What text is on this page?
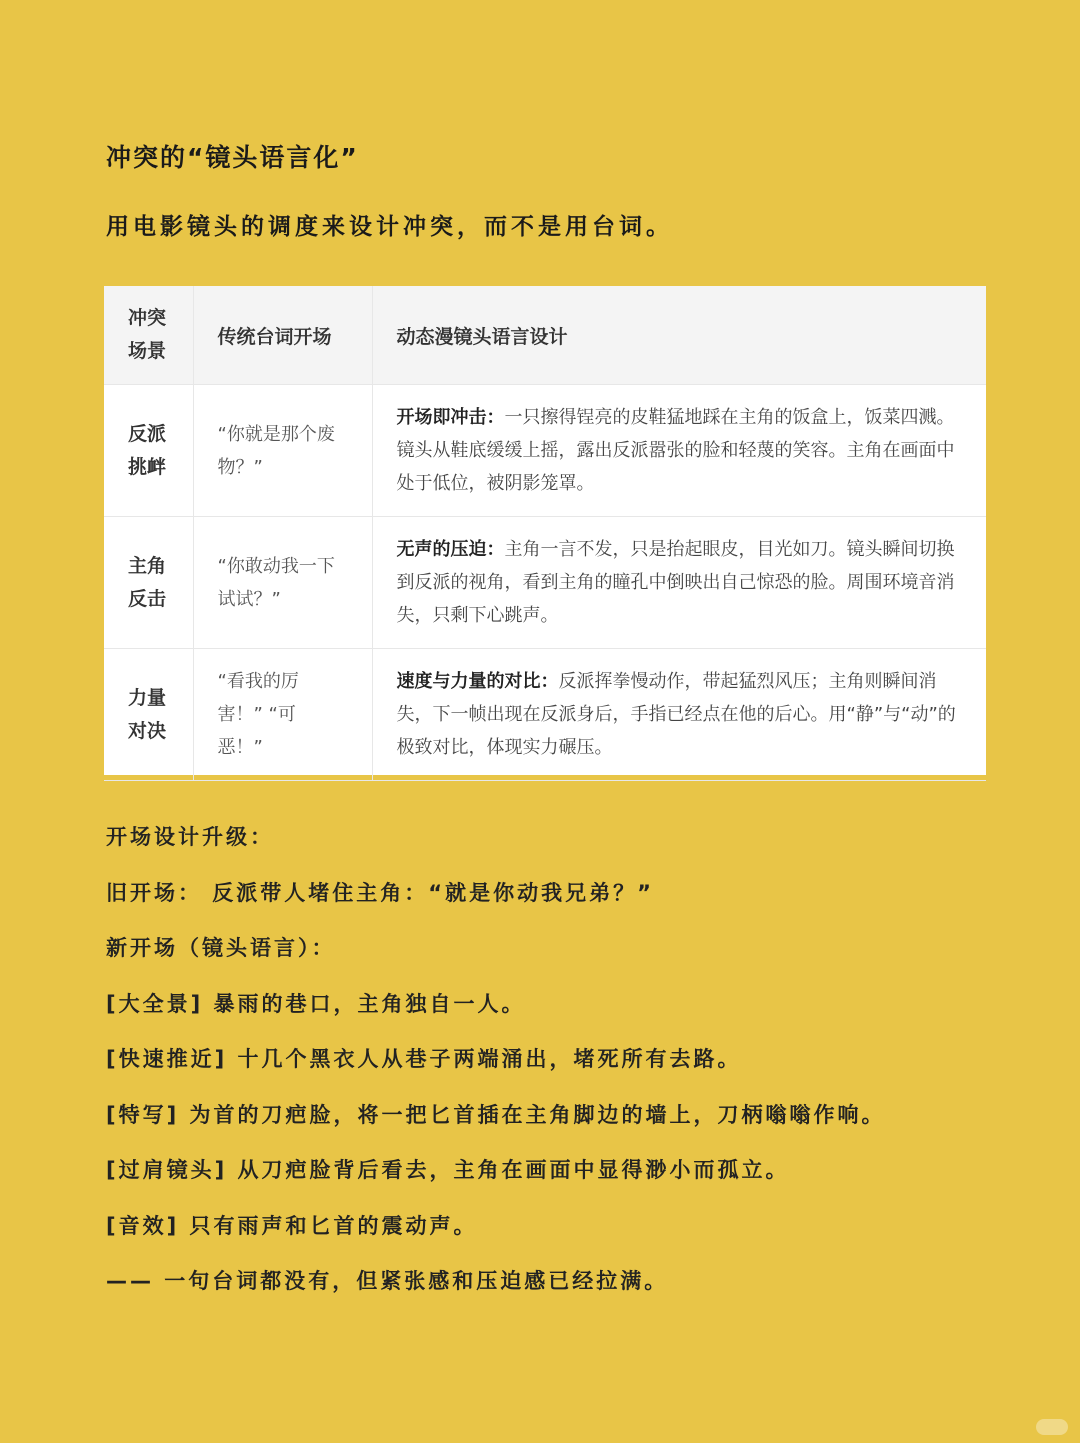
冲突的“镜头语言化”
用电影镜头的调度来设计冲突，而不是用台词。
冲突场景	传统台词开场	动态漫镜头语言设计
反派挑衅	“你就是那个废物？”	开场即冲击：一只擦得锃亮的皮鞋猛地踩在主角的饭盒上，饭菜四溅。镜头从鞋底缓缓上摇，露出反派嚣张的脸和轻蔑的笑容。主角在画面中处于低位，被阴影笼罩。
主角反击	“你敢动我一下试试？”	无声的压迫：主角一言不发，只是抬起眼皮，目光如刀。镜头瞬间切换到反派的视角，看到主角的瞳孔中倒映出自己惊恐的脸。周围环境音消失，只剩下心跳声。
力量对决	“看我的厉害！” “可恶！”	速度与力量的对比：反派挥拳慢动作，带起猛烈风压；主角则瞬间消失，下一帧出现在反派身后，手指已经点在他的后心。用“静”与“动”的极致对比，体现实力碾压。

开场设计升级：

旧开场： 反派带人堵住主角：“就是你动我兄弟？”

新开场（镜头语言）：

[大全景] 暴雨的巷口，主角独自一人。

[快速推近] 十几个黑衣人从巷子两端涌出，堵死所有去路。

[特写] 为首的刀疤脸，将一把匕首插在主角脚边的墙上，刀柄嗡嗡作响。

[过肩镜头] 从刀疤脸背后看去，主角在画面中显得渺小而孤立。

[音效] 只有雨声和匕首的震动声。

—— 一句台词都没有，但紧张感和压迫感已经拉满。
